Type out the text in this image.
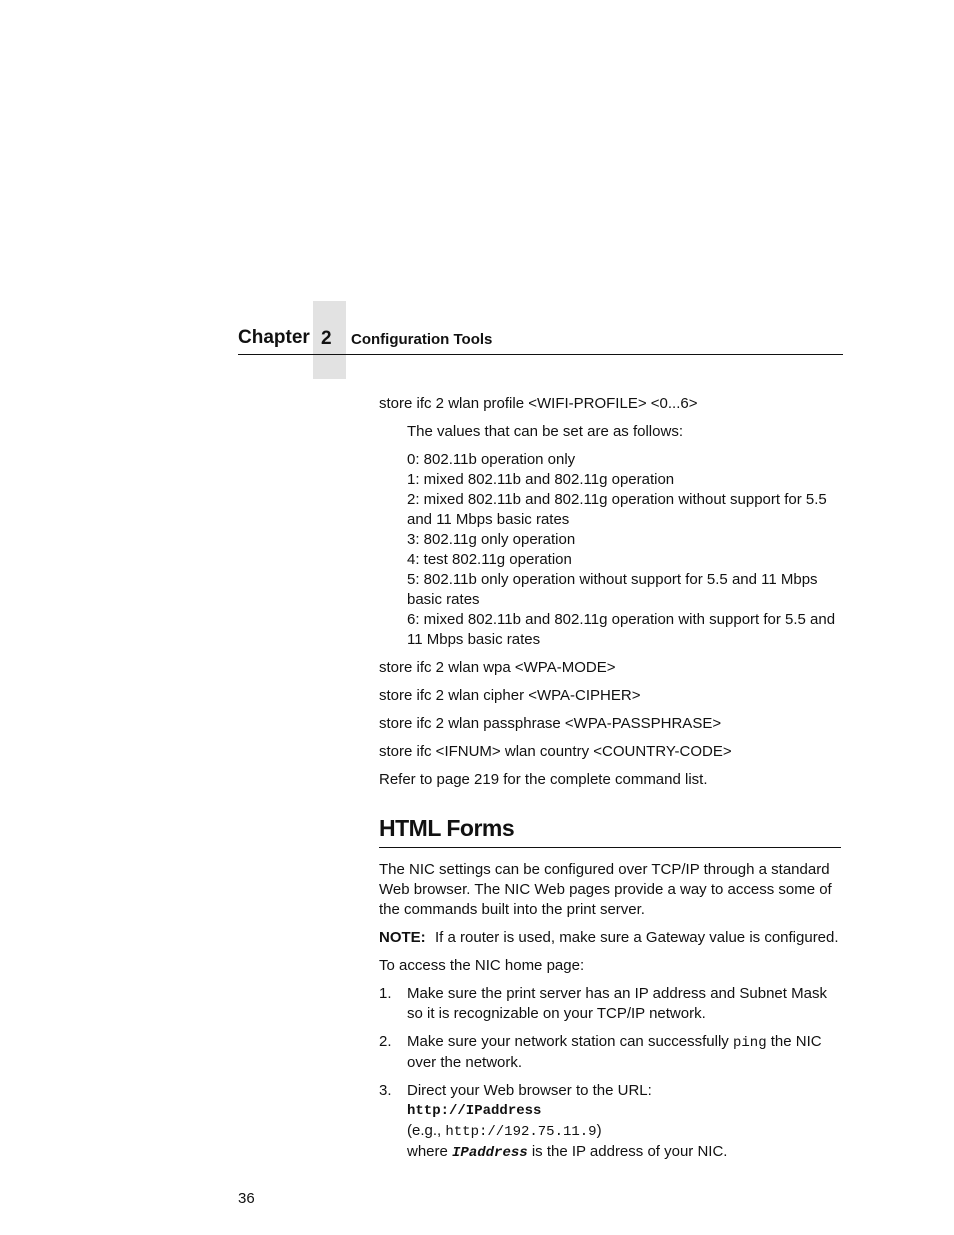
Chapter 2 Configuration Tools

store ifc 2 wlan profile <WIFI-PROFILE> <0...6>

The values that can be set are as follows:

0: 802.11b operation only
1: mixed 802.11b and 802.11g operation
2: mixed 802.11b and 802.11g operation without support for 5.5 and 11 Mbps basic rates
3: 802.11g only operation
4: test 802.11g operation
5: 802.11b only operation without support for 5.5 and 11 Mbps basic rates
6: mixed 802.11b and 802.11g operation with support for 5.5 and 11 Mbps basic rates

store ifc 2 wlan wpa <WPA-MODE>

store ifc 2 wlan cipher <WPA-CIPHER>

store ifc 2 wlan passphrase <WPA-PASSPHRASE>

store ifc <IFNUM> wlan country <COUNTRY-CODE>

Refer to page 219 for the complete command list.

HTML Forms

The NIC settings can be configured over TCP/IP through a standard Web browser. The NIC Web pages provide a way to access some of the commands built into the print server.

NOTE: If a router is used, make sure a Gateway value is configured.

To access the NIC home page:

1.	Make sure the print server has an IP address and Subnet Mask so it is recognizable on your TCP/IP network.
2.	Make sure your network station can successfully ping the NIC over the network.
3.	Direct your Web browser to the URL:
http://IPaddress
(e.g., http://192.75.11.9)
where IPaddress is the IP address of your NIC.
36
